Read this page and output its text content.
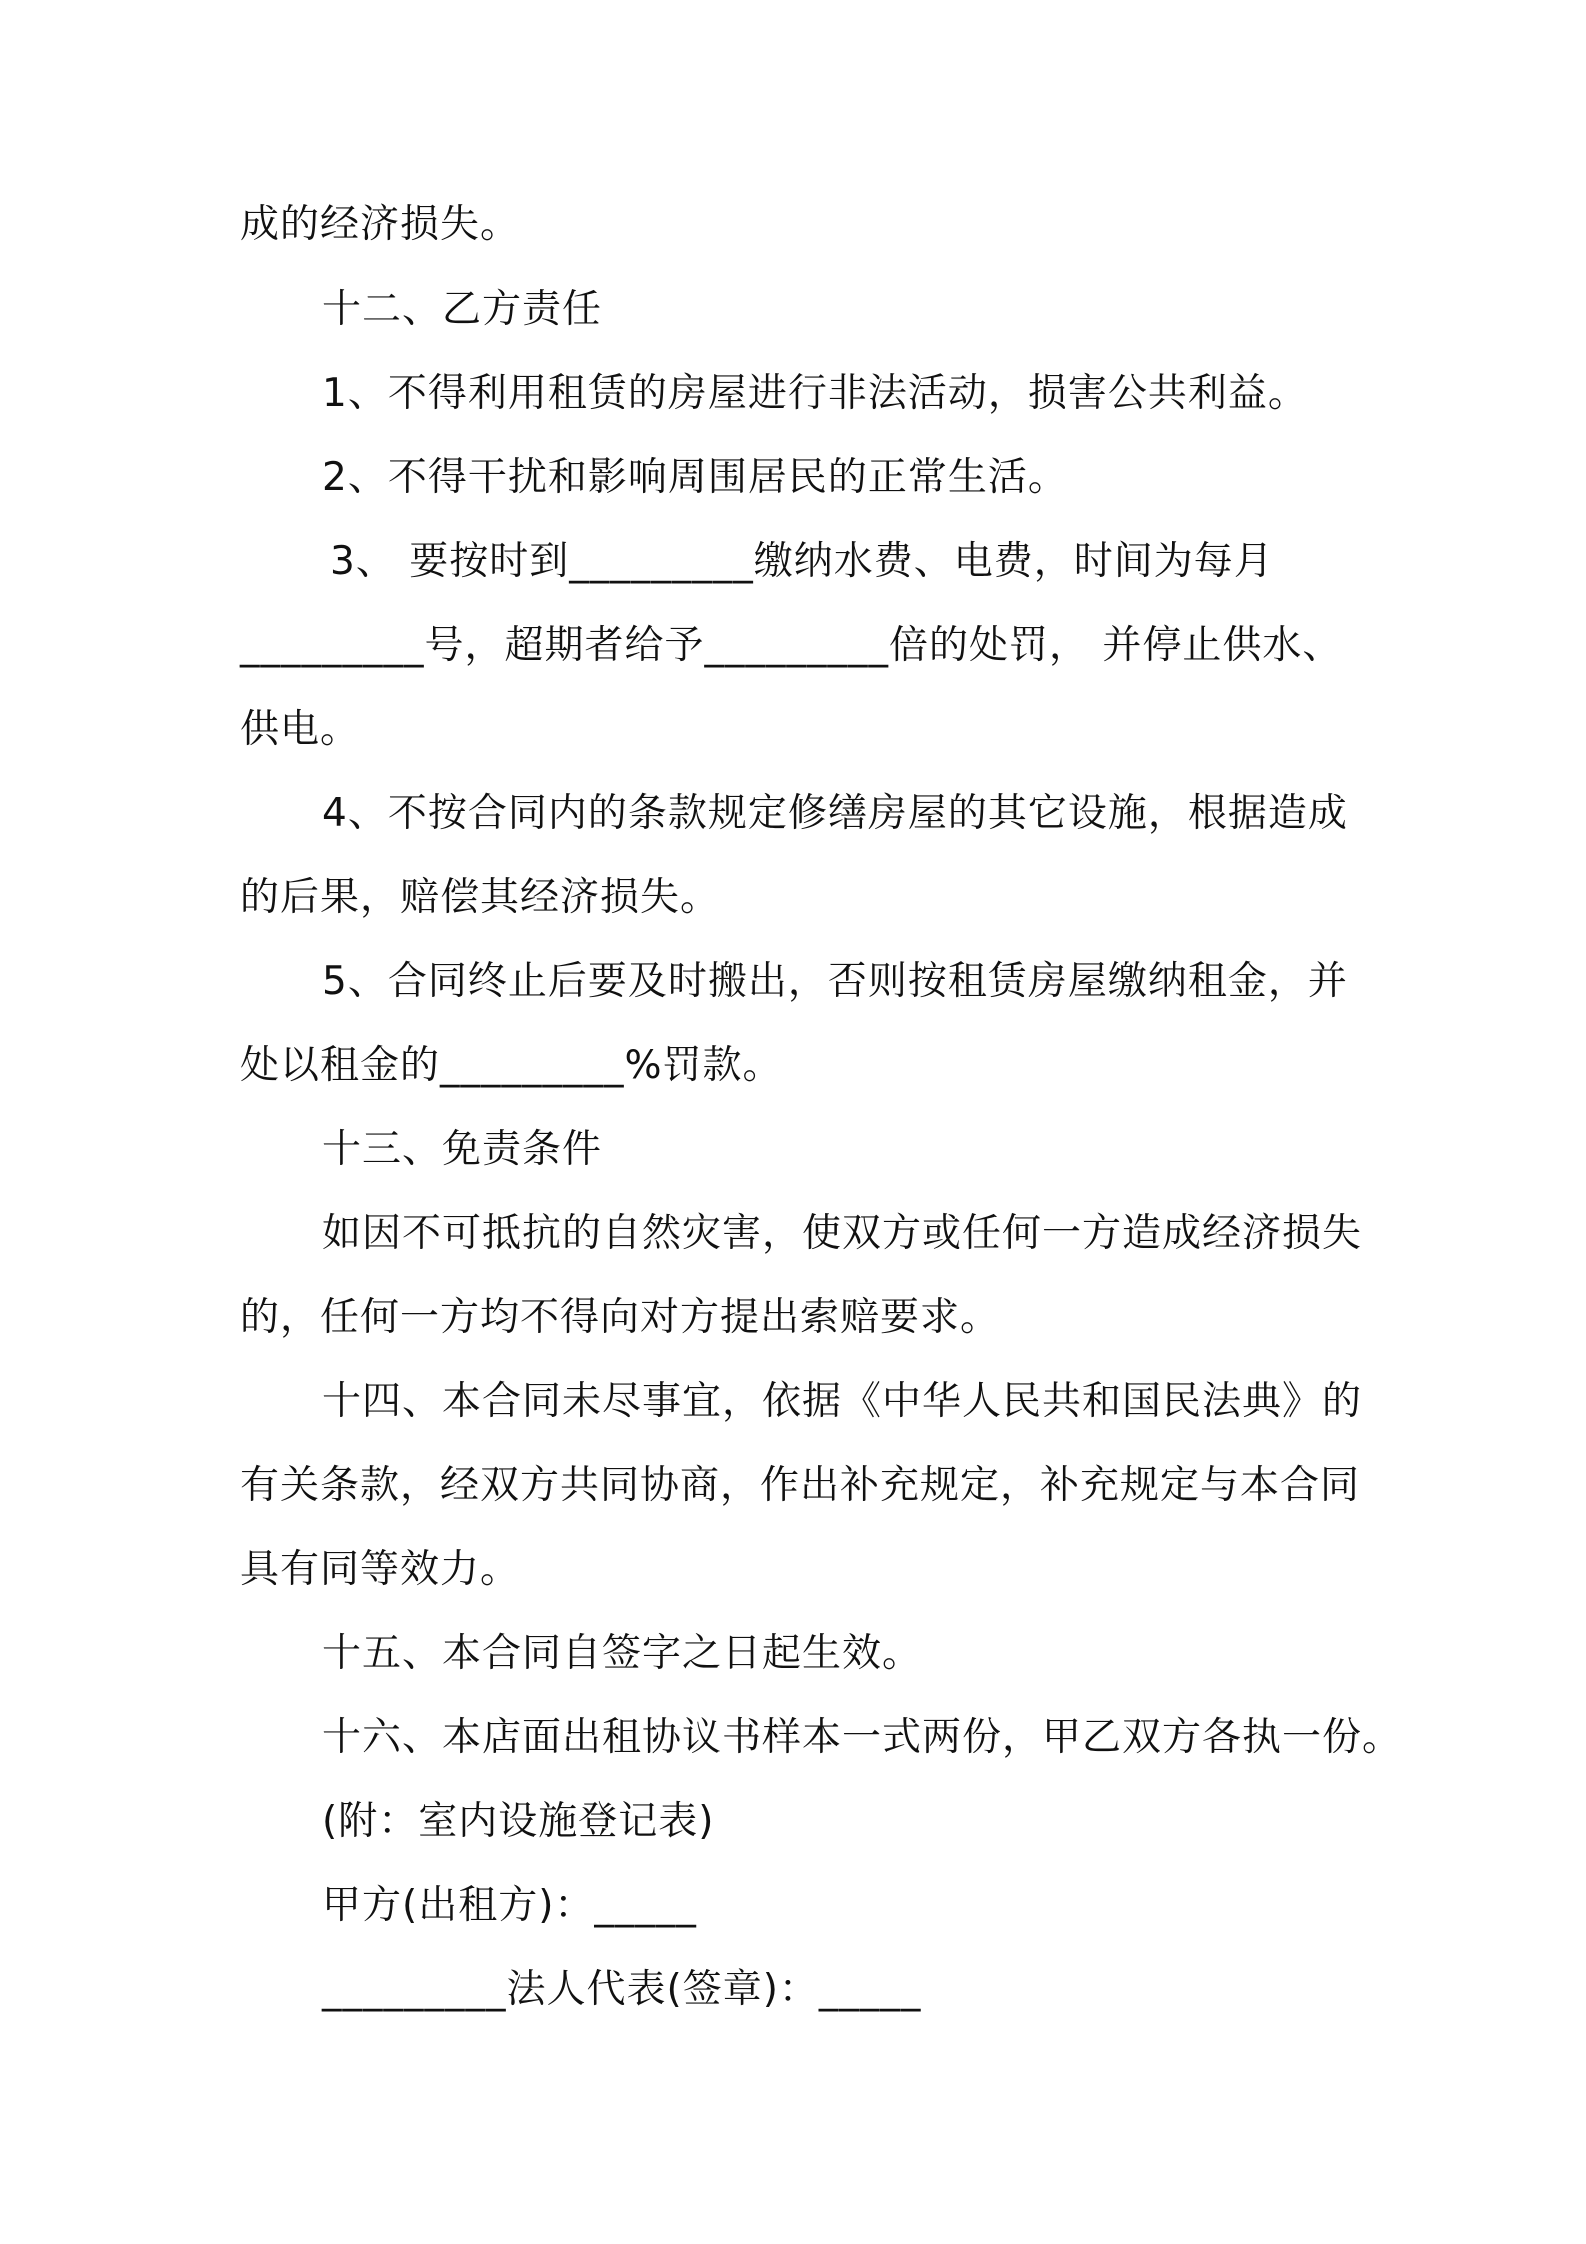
成的经济损失。

十二、乙方责任

1、不得利用租赁的房屋进行非法活动，损害公共利益。

2、不得干扰和影响周围居民的正常生活。

3、 要按时到_________缴纳水费、电费，时间为每月

_________号，超期者给予_________倍的处罚， 并停止供水、

供电。

4、不按合同内的条款规定修缮房屋的其它设施，根据造成

的后果，赔偿其经济损失。

5、合同终止后要及时搬出，否则按租赁房屋缴纳租金，并

处以租金的_________%罚款。

十三、免责条件

如因不可抵抗的自然灾害，使双方或任何一方造成经济损失

的，任何一方均不得向对方提出索赔要求。

十四、本合同未尽事宜，依据《中华人民共和国民法典》的

有关条款，经双方共同协商，作出补充规定，补充规定与本合同

具有同等效力。

十五、本合同自签字之日起生效。

十六、本店面出租协议书样本一式两份，甲乙双方各执一份。

(附：室内设施登记表)

甲方(出租方)：_____

_________法人代表(签章)：_____
